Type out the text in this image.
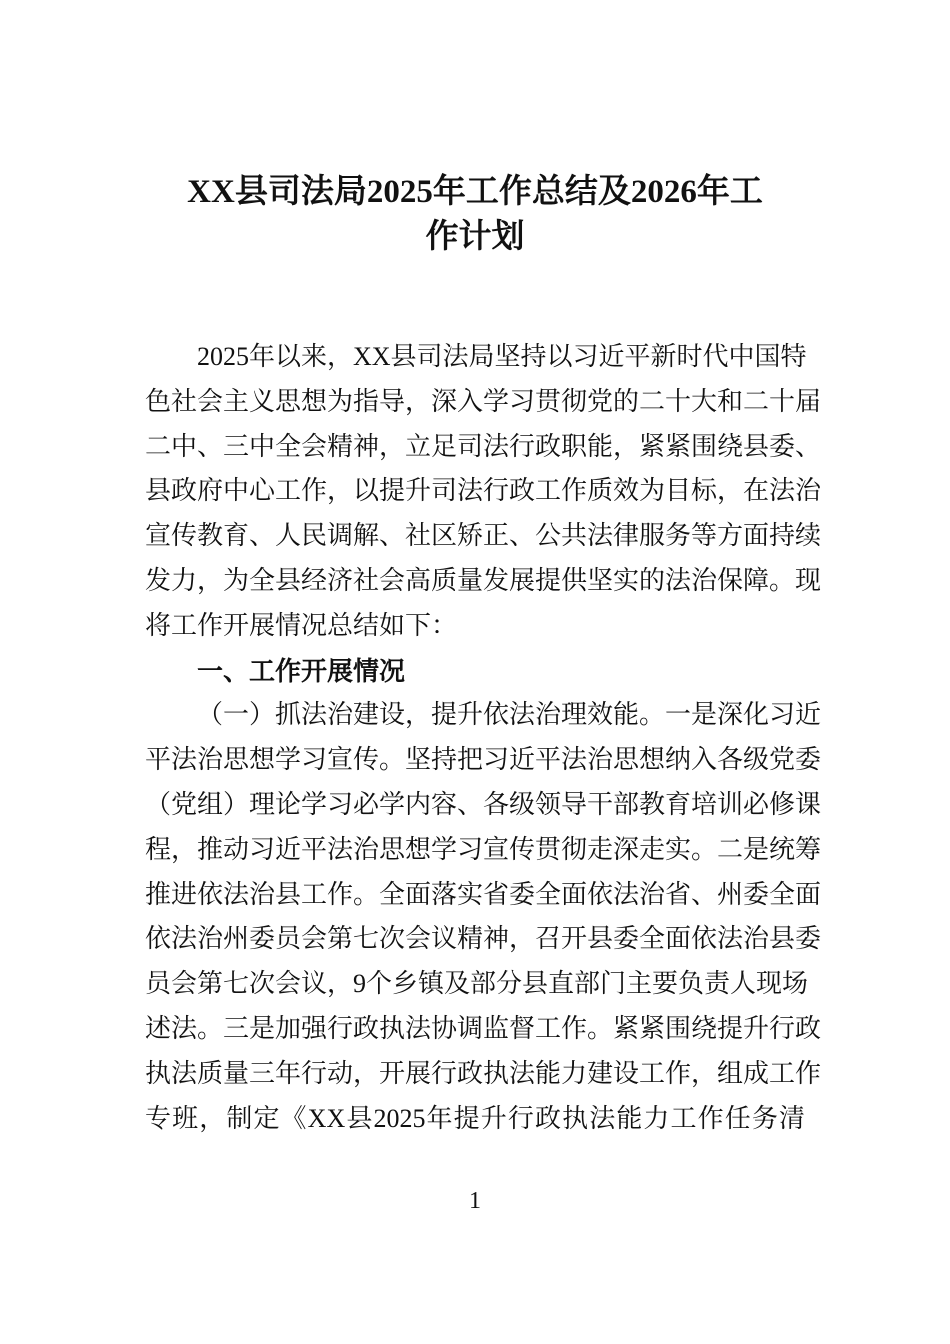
XX县司法局2025年工作总结及2026年工
作计划
2025年以来，XX县司法局坚持以习近平新时代中国特
色社会主义思想为指导，深入学习贯彻党的二十大和二十届
二中、三中全会精神，立足司法行政职能，紧紧围绕县委、
县政府中心工作，以提升司法行政工作质效为目标，在法治
宣传教育、人民调解、社区矫正、公共法律服务等方面持续
发力，为全县经济社会高质量发展提供坚实的法治保障。现
将工作开展情况总结如下：
一、工作开展情况
（一）抓法治建设，提升依法治理效能。一是深化习近
平法治思想学习宣传。坚持把习近平法治思想纳入各级党委
（党组）理论学习必学内容、各级领导干部教育培训必修课
程，推动习近平法治思想学习宣传贯彻走深走实。二是统筹
推进依法治县工作。全面落实省委全面依法治省、州委全面
依法治州委员会第七次会议精神，召开县委全面依法治县委
员会第七次会议，9个乡镇及部分县直部门主要负责人现场
述法。三是加强行政执法协调监督工作。紧紧围绕提升行政
执法质量三年行动，开展行政执法能力建设工作，组成工作
专班，制定《XX县2025年提升行政执法能力工作任务清
1
